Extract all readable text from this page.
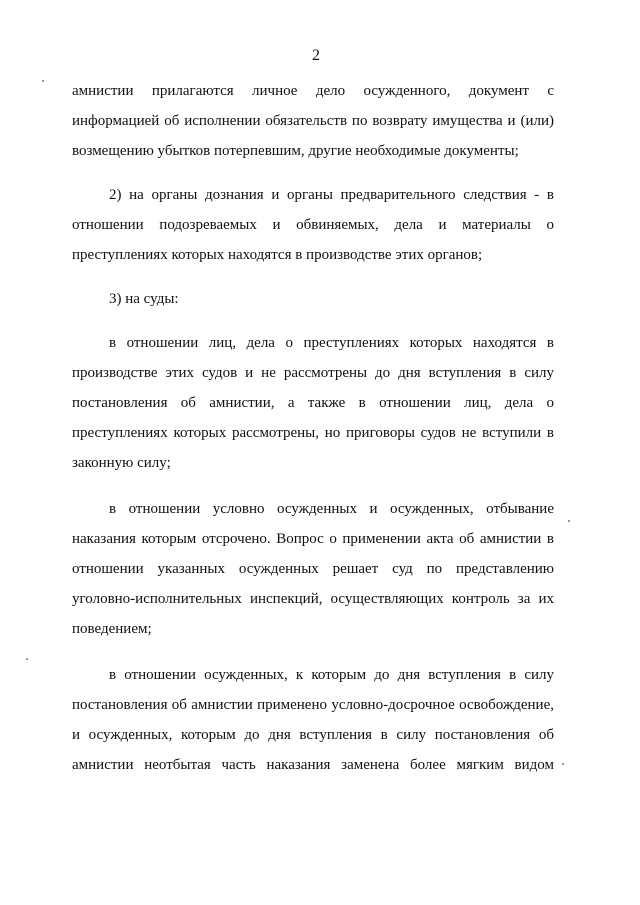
2
амнистии прилагаются личное дело осужденного, документ с
информацией об исполнении обязательств по возврату имущества и (или)
возмещению убытков потерпевшим, другие необходимые документы;
2) на органы дознания и органы предварительного следствия - в
отношении подозреваемых и обвиняемых, дела и материалы о
преступлениях которых находятся в производстве этих органов;
3) на суды:
в отношении лиц, дела о преступлениях которых находятся в
производстве этих судов и не рассмотрены до дня вступления в силу
постановления об амнистии, а также в отношении лиц, дела о
преступлениях которых рассмотрены, но приговоры судов не вступили в
законную силу;
в отношении условно осужденных и осужденных, отбывание
наказания которым отсрочено. Вопрос о применении акта об амнистии в
отношении указанных осужденных решает суд по представлению
уголовно-исполнительных инспекций, осуществляющих контроль за их
поведением;
в отношении осужденных, к которым до дня вступления в силу
постановления об амнистии применено условно-досрочное освобождение,
и осужденных, которым до дня вступления в силу постановления об
амнистии неотбытая часть наказания заменена более мягким видом
